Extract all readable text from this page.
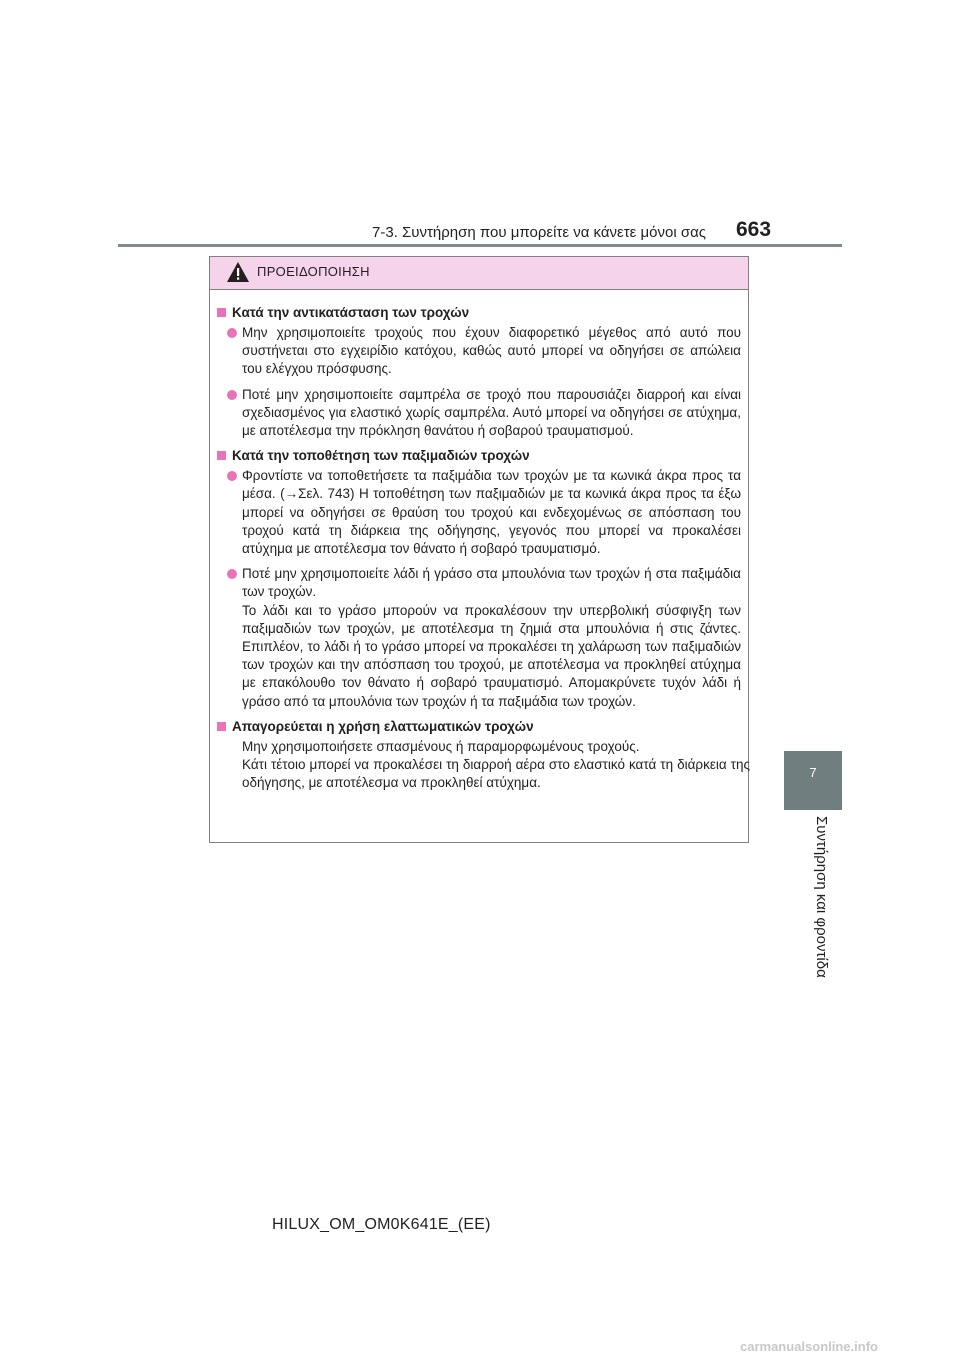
7-3. Συντήρηση που μπορείτε να κάνετε μόνοι σας 663
7
Συντήρηση και φροντίδα
ΠΡΟΕΙΔΟΠΟΙΗΣΗ
Κατά την αντικατάσταση των τροχών

Μην χρησιμοποιείτε τροχούς που έχουν διαφορετικό μέγεθος από αυτό που συστήνεται στο εγχειρίδιο κατόχου, καθώς αυτό μπορεί να οδηγήσει σε απώλεια του ελέγχου πρόσφυσης.

Ποτέ μην χρησιμοποιείτε σαμπρέλα σε τροχό που παρουσιάζει διαρροή και είναι σχεδιασμένος για ελαστικό χωρίς σαμπρέλα. Αυτό μπορεί να οδηγήσει σε ατύχημα, με αποτέλεσμα την πρόκληση θανάτου ή σοβαρού τραυματισμού.

Κατά την τοποθέτηση των παξιμαδιών τροχών

Φροντίστε να τοποθετήσετε τα παξιμάδια των τροχών με τα κωνικά άκρα προς τα μέσα. (→Σελ. 743) Η τοποθέτηση των παξιμαδιών με τα κωνικά άκρα προς τα έξω μπορεί να οδηγήσει σε θραύση του τροχού και ενδεχομένως σε απόσπαση του τροχού κατά τη διάρκεια της οδήγησης, γεγονός που μπορεί να προκαλέσει ατύχημα με αποτέλεσμα τον θάνατο ή σοβαρό τραυματισμό.

Ποτέ μην χρησιμοποιείτε λάδι ή γράσο στα μπουλόνια των τροχών ή στα παξιμάδια των τροχών.

Το λάδι και το γράσο μπορούν να προκαλέσουν την υπερβολική σύσφιγξη των παξιμαδιών των τροχών, με αποτέλεσμα τη ζημιά στα μπουλόνια ή στις ζάντες. Επιπλέον, το λάδι ή το γράσο μπορεί να προκαλέσει τη χαλάρωση των παξιμαδιών των τροχών και την απόσπαση του τροχού, με αποτέλεσμα να προκληθεί ατύχημα με επακόλουθο τον θάνατο ή σοβαρό τραυματισμό. Απομακρύνετε τυχόν λάδι ή γράσο από τα μπουλόνια των τροχών ή τα παξιμάδια των τροχών.

Απαγορεύεται η χρήση ελαττωματικών τροχών

Μην χρησιμοποιήσετε σπασμένους ή παραμορφωμένους τροχούς.

Κάτι τέτοιο μπορεί να προκαλέσει τη διαρροή αέρα στο ελαστικό κατά τη διάρκεια της οδήγησης, με αποτέλεσμα να προκληθεί ατύχημα.

HILUX_OM_OM0K641E_(EE)
carmanualsonline.info
